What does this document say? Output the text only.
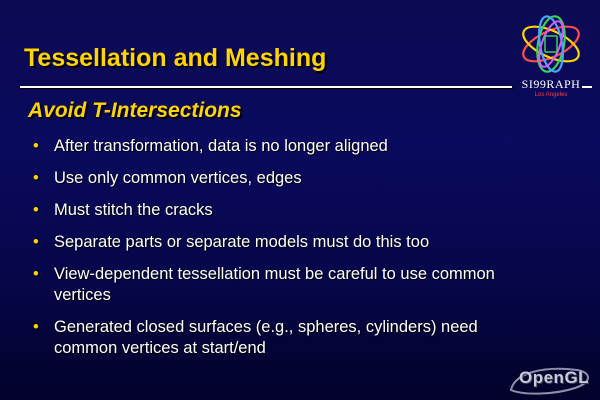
Tessellation and Meshing
SI99RAPH
Los Angeles
Avoid T-Intersections
• After transformation, data is no longer aligned
• Use only common vertices, edges
• Must stitch the cracks
• Separate parts or separate models must do this too
• View-dependent tessellation must be careful to use common vertices
• Generated closed surfaces (e.g., spheres, cylinders) need common vertices at start/end
OpenGL
